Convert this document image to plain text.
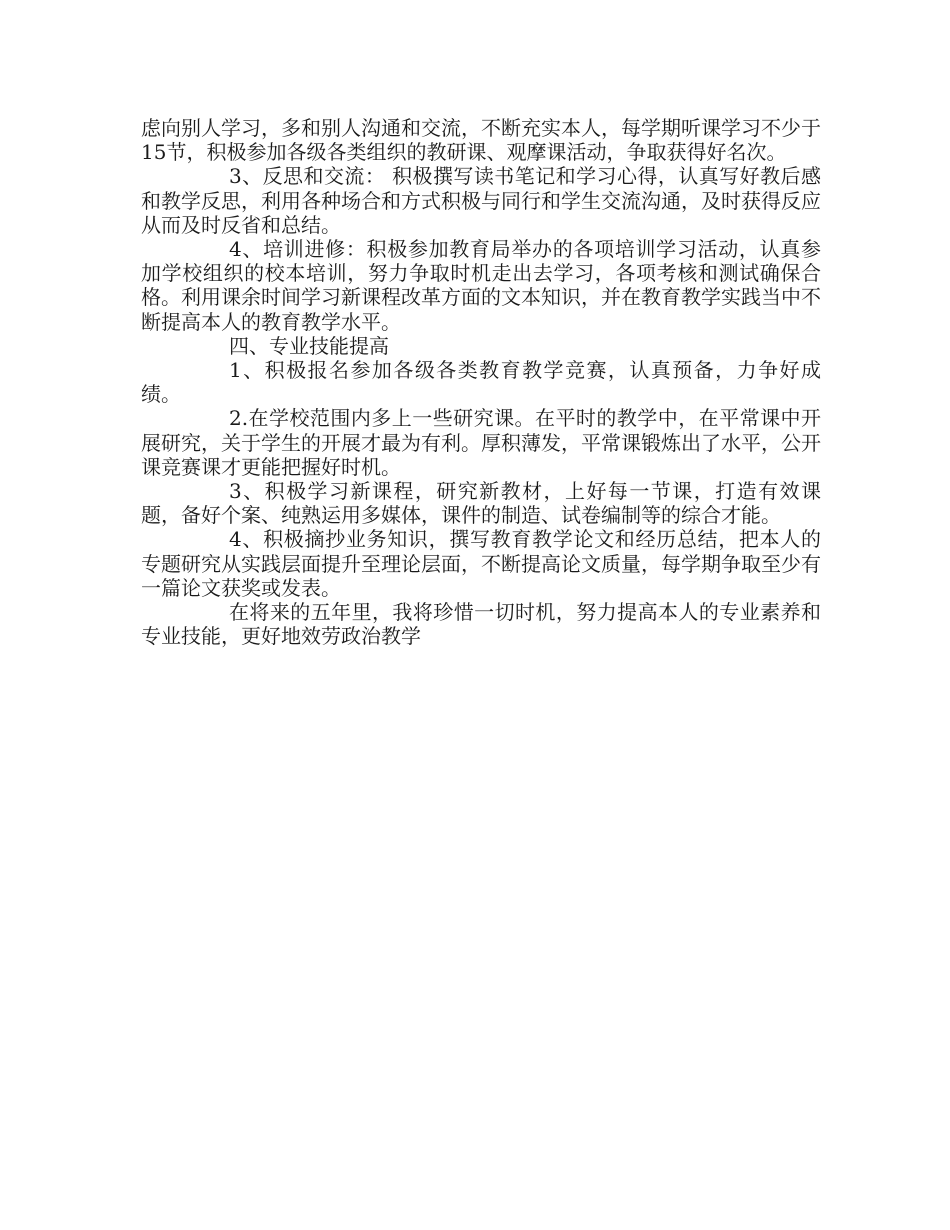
虑向别人学习，多和别人沟通和交流，不断充实本人，每学期听课学习不少于15节，积极参加各级各类组织的教研课、观摩课活动，争取获得好名次。

3、反思和交流： 积极撰写读书笔记和学习心得，认真写好教后感和教学反思，利用各种场合和方式积极与同行和学生交流沟通，及时获得反应从而及时反省和总结。

4、培训进修：积极参加教育局举办的各项培训学习活动，认真参加学校组织的校本培训，努力争取时机走出去学习，各项考核和测试确保合格。利用课余时间学习新课程改革方面的文本知识，并在教育教学实践当中不断提高本人的教育教学水平。

四、专业技能提高

1、积极报名参加各级各类教育教学竞赛，认真预备，力争好成绩。

2.在学校范围内多上一些研究课。在平时的教学中，在平常课中开展研究，关于学生的开展才最为有利。厚积薄发，平常课锻炼出了水平，公开课竞赛课才更能把握好时机。

3、积极学习新课程，研究新教材，上好每一节课，打造有效课题，备好个案、纯熟运用多媒体，课件的制造、试卷编制等的综合才能。

4、积极摘抄业务知识，撰写教育教学论文和经历总结，把本人的专题研究从实践层面提升至理论层面，不断提高论文质量，每学期争取至少有一篇论文获奖或发表。

在将来的五年里，我将珍惜一切时机，努力提高本人的专业素养和专业技能，更好地效劳政治教学
